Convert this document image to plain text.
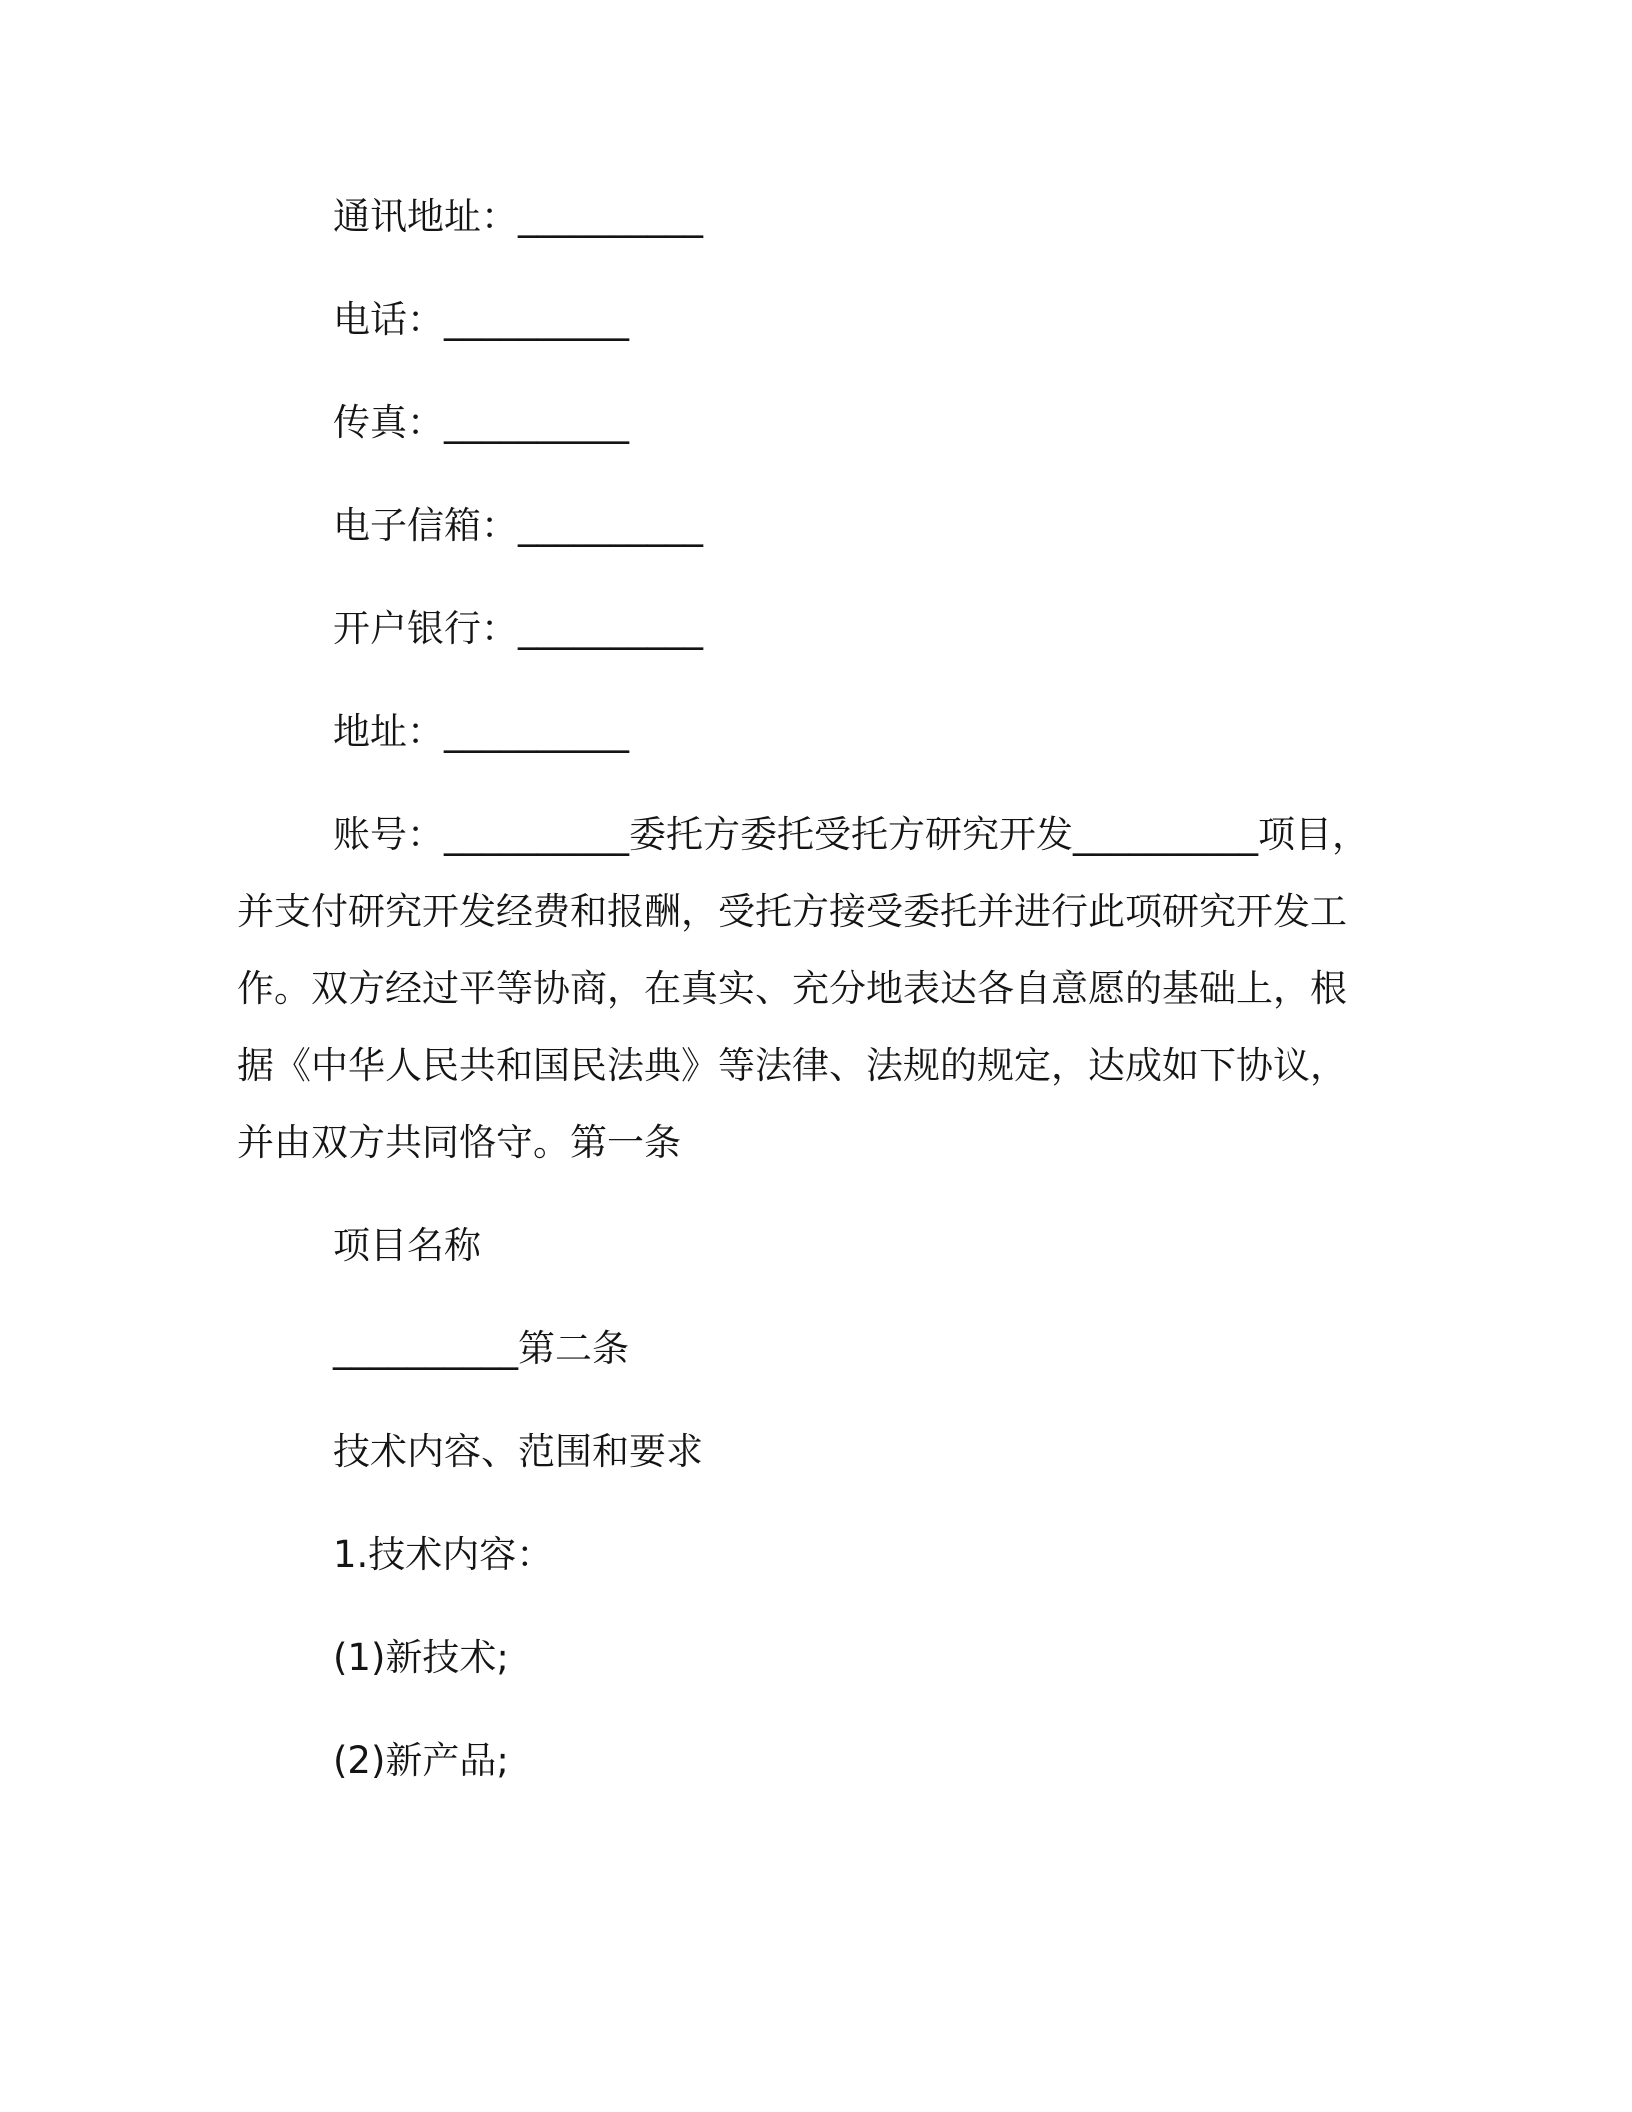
通讯地址：__________

电话：__________

传真：__________

电子信箱：__________

开户银行：__________

地址：__________

账号：__________委托方委托受托方研究开发__________项目，
并支付研究开发经费和报酬，受托方接受委托并进行此项研究开发工
作。双方经过平等协商，在真实、充分地表达各自意愿的基础上，根
据《中华人民共和国民法典》等法律、法规的规定，达成如下协议，
并由双方共同恪守。第一条

项目名称

__________第二条

技术内容、范围和要求

1.技术内容：

(1)新技术;

(2)新产品;
